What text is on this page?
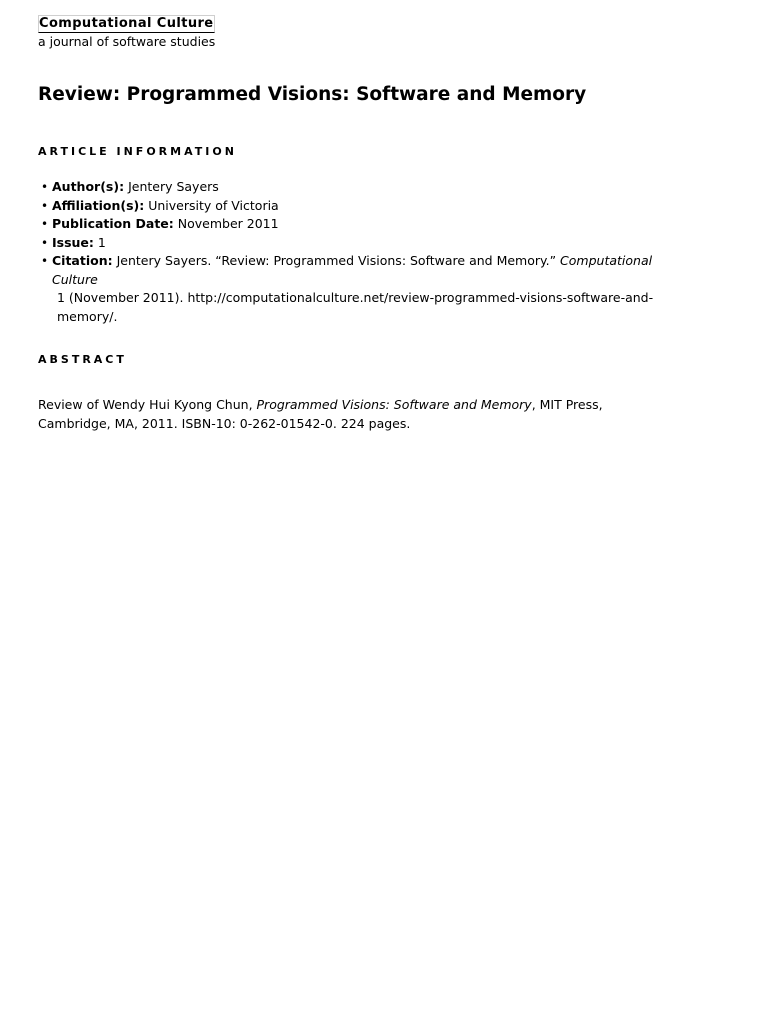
Computational Culture
a journal of software studies
Review: Programmed Visions: Software and Memory
ARTICLE INFORMATION
• Author(s): Jentery Sayers
• Affiliation(s): University of Victoria
• Publication Date: November 2011
• Issue: 1
• Citation: Jentery Sayers. “Review: Programmed Visions: Software and Memory.” Computational Culture
1 (November 2011). http://computationalculture.net/review-programmed-visions-software-and-
memory/.
ABSTRACT

Review of Wendy Hui Kyong Chun, Programmed Visions: Software and Memory, MIT Press, Cambridge, MA, 2011. ISBN-10: 0-262-01542-0. 224 pages.
